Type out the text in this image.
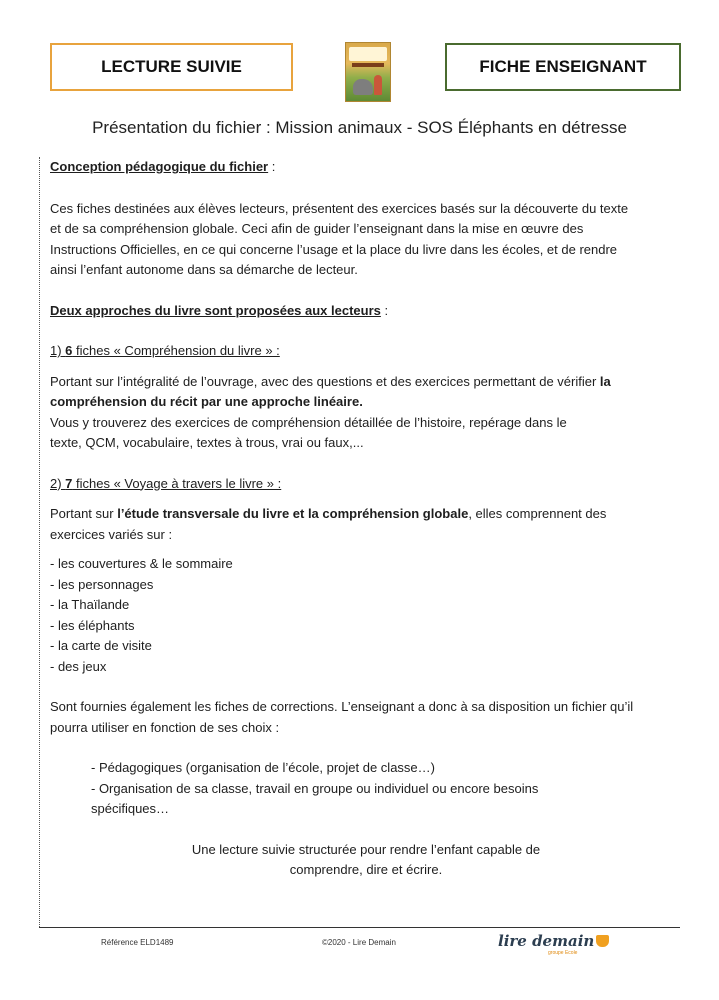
LECTURE SUIVIE	FICHE ENSEIGNANT
Présentation du fichier : Mission animaux - SOS Éléphants en détresse
Conception pédagogique du fichier :
Ces fiches destinées aux élèves lecteurs, présentent des exercices basés sur la découverte du texte
et de sa compréhension globale. Ceci afin de guider l’enseignant dans la mise en œuvre des
Instructions Officielles, en ce qui concerne l’usage et la place du livre dans les écoles, et de rendre
ainsi l’enfant autonome dans sa démarche de lecteur.
Deux approches du livre sont proposées aux lecteurs :
1) 6 fiches « Compréhension du livre » :
Portant sur l’intégralité de l’ouvrage, avec des questions et des exercices permettant de vérifier la
compréhension du récit par une approche linéaire.
Vous y trouverez des exercices de compréhension détaillée de l’histoire, repérage dans le
texte, QCM, vocabulaire, textes à trous, vrai ou faux,...
2) 7 fiches « Voyage à travers le livre » :
Portant sur l’étude transversale du livre et la compréhension globale, elles comprennent des
exercices variés sur :
- les couvertures & le sommaire
- les personnages
- la Thaïlande
- les éléphants
- la carte de visite
- des jeux
Sont fournies également les fiches de corrections. L’enseignant a donc à sa disposition un fichier qu’il
pourra utiliser en fonction de ses choix :
- Pédagogiques (organisation de l’école, projet de classe…)
- Organisation de sa classe, travail en groupe ou individuel ou encore besoins
spécifiques…
Une lecture suivie structurée pour rendre l’enfant capable de
comprendre, dire et écrire.
Référence ELD1489	©2020 - Lire Demain	lire demain
groupe Ecole
